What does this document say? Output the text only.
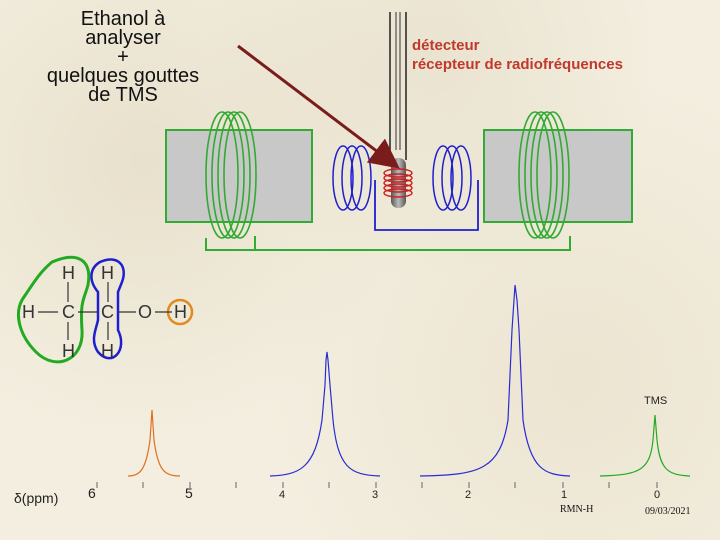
Ethanol à
analyser
+
quelques gouttes
de TMS
détecteur
récepteur de radiofréquences
H H
H C C O H
H H
δ(ppm) 6	5	4	3	2	1	0
TMS
RMN-H	09/03/2021
